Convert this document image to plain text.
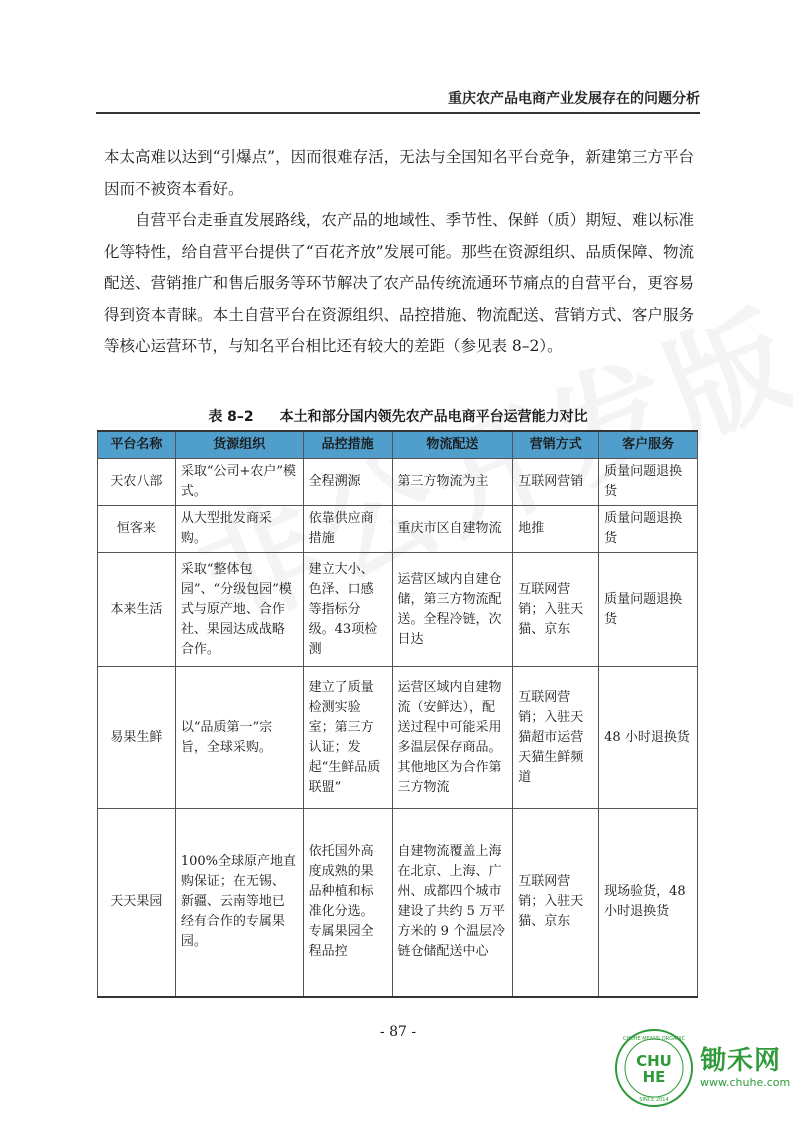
重庆农产品电商产业发展存在的问题分析

本太高难以达到“引爆点”，因而很难存活，无法与全国知名平台竞争，新建第三方平台因而不被资本看好。

自营平台走垂直发展路线，农产品的地域性、季节性、保鲜（质）期短、难以标准化等特性，给自营平台提供了“百花齐放”发展可能。那些在资源组织、品质保障、物流配送、营销推广和售后服务等环节解决了农产品传统流通环节痛点的自营平台，更容易得到资本青睐。本土自营平台在资源组织、品控措施、物流配送、营销方式、客户服务等核心运营环节，与知名平台相比还有较大的差距（参见表 8–2）。

表 8–2 本土和部分国内领先农产品电商平台运营能力对比
平台名称	货源组织	品控措施	物流配送	营销方式	客户服务
天农八部	采取“公司+农户”模式。	全程溯源	第三方物流为主	互联网营销	质量问题退换货
恒客来	从大型批发商采购。	依靠供应商措施	重庆市区自建物流	地推	质量问题退换货
本来生活	采取“整体包园”、“分级包园”模式与原产地、合作社、果园达成战略合作。	建立大小、色泽、口感等指标分级。43项检测	运营区域内自建仓储，第三方物流配送。全程冷链，次日达	互联网营销；入驻天猫、京东	质量问题退换货
易果生鲜	以“品质第一”宗旨，全球采购。	建立了质量检测实验室；第三方认证；发起“生鲜品质联盟”	运营区域内自建物流（安鲜达），配送过程中可能采用多温层保存商品。其他地区为合作第三方物流	互联网营销；入驻天猫超市运营天猫生鲜频道	48 小时退换货
天天果园	100%全球原产地直购保证；在无锡、新疆、云南等地已经有合作的专属果园。	依托国外高度成熟的果品种植和标准化分选。专属果园全程品控	自建物流覆盖上海在北京、上海、广州、成都四个城市建设了共约 5 万平方米的 9 个温层冷链仓储配送中心	互联网营销；入驻天猫、京东	现场验货，48 小时退换货
- 87 -
CHU
HE
CHUHE MEANS ORGANIC
SINCE 2014
锄禾网
www.chuhe.com
